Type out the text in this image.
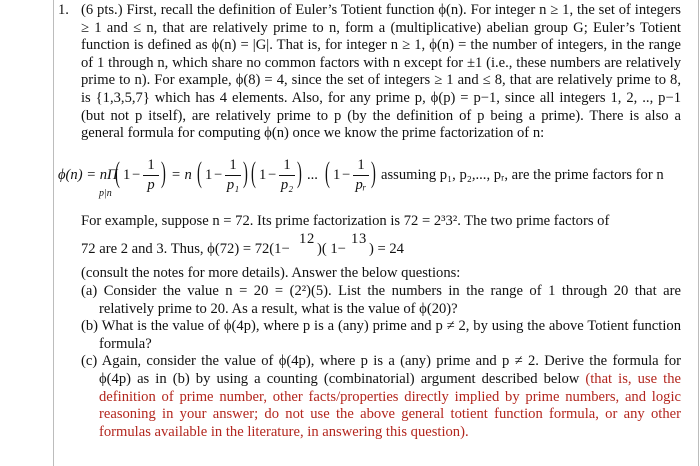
1. (6 pts.) First, recall the definition of Euler’s Totient function ϕ(n). For integer n ≥ 1, the set of integers ≥ 1 and ≤ n, that are relatively prime to n, form a (multiplicative) abelian group G; Euler’s Totient function is defined as ϕ(n) = |G|. That is, for integer n ≥ 1, ϕ(n) = the number of integers, in the range of 1 through n, which share no common factors with n except for ±1 (i.e., these numbers are relatively prime to n). For example, ϕ(8) = 4, since the set of integers ≥ 1 and ≤ 8, that are relatively prime to 8, is {1,3,5,7} which has 4 elements. Also, for any prime p, ϕ(p) = p−1, since all integers 1, 2, .., p−1 (but not p itself), are relatively prime to p (by the definition of p being a prime). There is also a general formula for computing ϕ(n) once we know the prime factorization of n:

ϕ(n) = nΠ
p|n
( 1 −
1
p ) = n ( 1 −
1
p₁ ) ( 1 −
1
p₂ ) ... ( 1 −
1
pᵣ ) assuming p₁, p₂,..., pᵣ, are the prime factors for n

For example, suppose n = 72. Its prime factorization is 72 = 2³3². The two prime factors of

72 are 2 and 3. Thus, ϕ(72) = 72(1−
1 2
)( 1−
1 3
) = 24

(consult the notes for more details). Answer the below questions:

(a) Consider the value n = 20 = (2²)(5). List the numbers in the range of 1 through 20 that are relatively prime to 20. As a result, what is the value of ϕ(20)?

(b) What is the value of ϕ(4p), where p is a (any) prime and p ≠ 2, by using the above Totient function formula?

(c) Again, consider the value of ϕ(4p), where p is a (any) prime and p ≠ 2. Derive the formula for ϕ(4p) as in (b) by using a counting (combinatorial) argument described below (that is, use the definition of prime number, other facts/properties directly implied by prime numbers, and logic reasoning in your answer; do not use the above general totient function formula, or any other formulas available in the literature, in answering this question).
